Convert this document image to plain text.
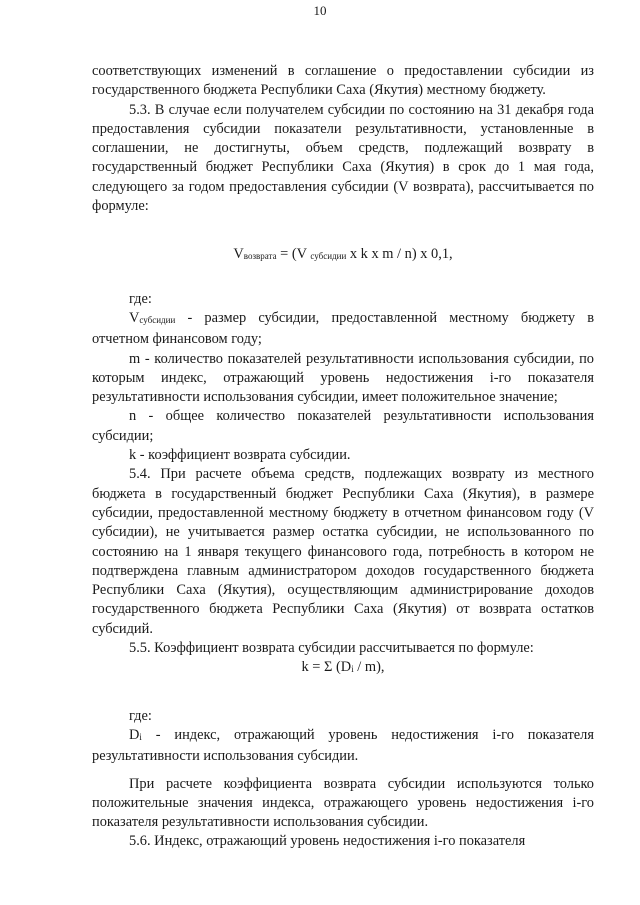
10

соответствующих изменений в соглашение о предоставлении субсидии из государственного бюджета Республики Саха (Якутия) местному бюджету.

5.3. В случае если получателем субсидии по состоянию на 31 декабря года предоставления субсидии показатели результативности, установленные в соглашении, не достигнуты, объем средств, подлежащий возврату в государственный бюджет Республики Саха (Якутия) в срок до 1 мая года, следующего за годом предоставления субсидии (V возврата), рассчитывается по формуле:

$V_{возврата} = (V$ $_{субсидии}$ x k x m / n) x 0,1,

где:

$V_{субсидии}$ - размер субсидии, предоставленной местному бюджету в отчетном финансовом году;

m - количество показателей результативности использования субсидии, по которым индекс, отражающий уровень недостижения i-го показателя результативности использования субсидии, имеет положительное значение;

n - общее количество показателей результативности использования субсидии;

k - коэффициент возврата субсидии.

5.4. При расчете объема средств, подлежащих возврату из местного бюджета в государственный бюджет Республики Саха (Якутия), в размере субсидии, предоставленной местному бюджету в отчетном финансовом году (V субсидии), не учитывается размер остатка субсидии, не использованного по состоянию на 1 января текущего финансового года, потребность в котором не подтверждена главным администратором доходов государственного бюджета Республики Саха (Якутия), осуществляющим администрирование доходов государственного бюджета Республики Саха (Якутия) от возврата остатков субсидий.

5.5. Коэффициент возврата субсидии рассчитывается по формуле:

k = Σ $(D_i / m)$,

где:

$D_i$ - индекс, отражающий уровень недостижения i-го показателя результативности использования субсидии.

При расчете коэффициента возврата субсидии используются только положительные значения индекса, отражающего уровень недостижения i-го показателя результативности использования субсидии.

5.6. Индекс, отражающий уровень недостижения i-го показателя
